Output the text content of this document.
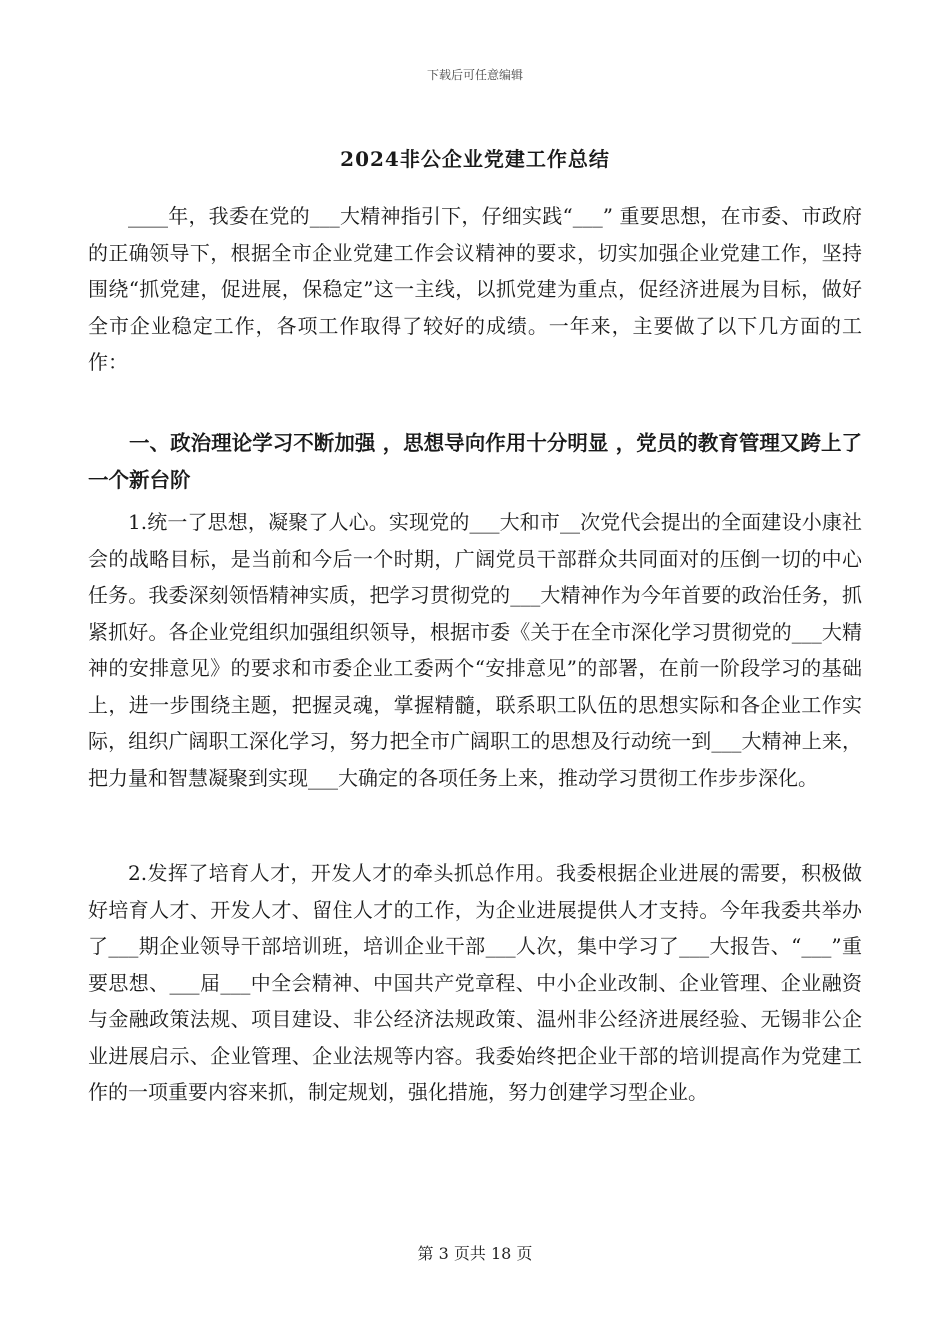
下载后可任意编辑
2024非公企业党建工作总结

____年，我委在党的___大精神指引下，仔细实践“___” 重要思想，在市委、市政府的正确领导下，根据全市企业党建工作会议精神的要求，切实加强企业党建工作，坚持围绕“抓党建，促进展，保稳定”这一主线，以抓党建为重点，促经济进展为目标，做好全市企业稳定工作，各项工作取得了较好的成绩。一年来，主要做了以下几方面的工作：

一、政治理论学习不断加强 ，思想导向作用十分明显 ，党员的教育管理又跨上了一个新台阶

1.统一了思想，凝聚了人心。实现党的___大和市__次党代会提出的全面建设小康社会的战略目标，是当前和今后一个时期，广阔党员干部群众共同面对的压倒一切的中心任务。我委深刻领悟精神实质，把学习贯彻党的___大精神作为今年首要的政治任务，抓紧抓好。各企业党组织加强组织领导，根据市委《关于在全市深化学习贯彻党的___大精神的安排意见》的要求和市委企业工委两个“安排意见”的部署，在前一阶段学习的基础上，进一步围绕主题，把握灵魂，掌握精髓，联系职工队伍的思想实际和各企业工作实际，组织广阔职工深化学习，努力把全市广阔职工的思想及行动统一到___大精神上来，把力量和智慧凝聚到实现___大确定的各项任务上来，推动学习贯彻工作步步深化。

2.发挥了培育人才，开发人才的牵头抓总作用。我委根据企业进展的需要，积极做好培育人才、开发人才、留住人才的工作，为企业进展提供人才支持。今年我委共举办了___期企业领导干部培训班，培训企业干部___人次，集中学习了___大报告、“___”重要思想、___届___中全会精神、中国共产党章程、中小企业改制、企业管理、企业融资与金融政策法规、项目建设、非公经济法规政策、温州非公经济进展经验、无锡非公企业进展启示、企业管理、企业法规等内容。我委始终把企业干部的培训提高作为党建工作的一项重要内容来抓，制定规划，强化措施，努力创建学习型企业。

第 3 页共 18 页
